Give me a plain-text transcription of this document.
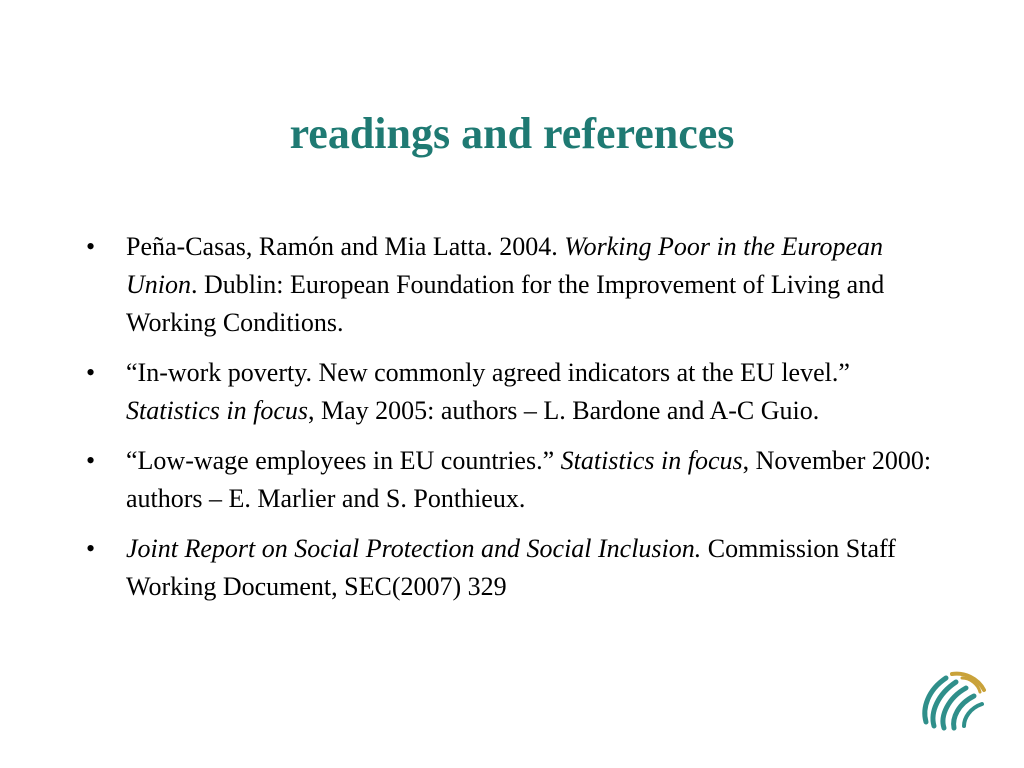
readings and references
•	Peña-Casas, Ramón and Mia Latta. 2004. Working Poor in the European Union. Dublin: European Foundation for the Improvement of Living and Working Conditions.
•	“In-work poverty. New commonly agreed indicators at the EU level.” Statistics in focus, May 2005: authors – L. Bardone and A-C Guio.
•	“Low-wage employees in EU countries.” Statistics in focus, November 2000: authors – E. Marlier and S. Ponthieux.
•	Joint Report on Social Protection and Social Inclusion. Commission Staff Working Document, SEC(2007) 329
